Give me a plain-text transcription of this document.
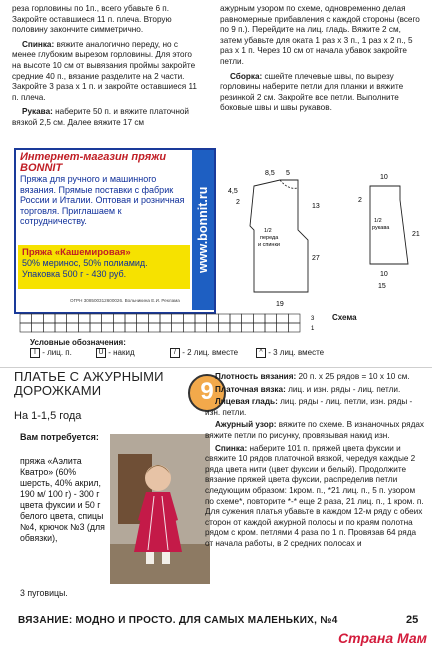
резa горловины по 1п., всего убавьте 6 п. Закройте оставшиеся 11 п. плеча. Вторую половину закончите симметрично.

Спинка: вяжите аналогично переду, но с менее глубоким вырезом горловины. Для этого на высоте 10 см от вывязания проймы закройте средние 40 п., вязание разделите на 2 части. Закройте 3 раза x 1 п. и закройте оставшиеся 11 п. плеча.

Рукава: наберите 50 п. и вяжите платочной вязкой 2,5 см. Далее вяжите 17 см

Интернет-магазин пряжи BONNIT
Пряжа для ручного и машинного вязания. Прямые поставки с фабрик России и Италии. Оптовая и розничная торговля. Приглашаем к сотрудничеству.
Пряжа «Кашемировая»
50% меринос, 50% полиамид.
Упаковка 500 г - 430 руб.
www.bonnit.ru
ОГРН 308500312600026. Вольникина Е.И. Реклама

ажурным узором по схеме, одновременно делая равномерные прибавления с каждой стороны (всего по 9 п.). Перейдите на лиц. гладь. Вяжите 2 см, затем убавьте для оката 1 раз x 3 п., 1 раз x 2 п., 5 раз x 1 п. Через 10 см от начала убавок закройте петли.

Сборка: сшейте плечевые швы, по вырезу горловины наберите петли для планки и вяжите резинкой 2 см. Закройте все петли. Выполните боковые швы и швы рукавов.

8,5 5
4,5
2
13
27
19
1/2 переда и спинки
10
10
2
21
15
1/2 рукава
Схема
3
1
Условные обозначения:
I - лиц. п.	U - накид	/ - 2 лиц. вместе	^ - 3 лиц. вместе
ПЛАТЬЕ С АЖУРНЫМИ ДОРОЖКАМИ
На 1-1,5 года
9
Вам потребуется:
пряжа «Аэлита Кватро» (60% шерсть, 40% акрил, 190 м/ 100 г) - 300 г цвета фуксии и 50 г белого цвета, спицы №4, крючок №3 (для обвязки),
3 пуговицы.

Плотность вязания: 20 п. x 25 рядов = 10 x 10 см.

Платочная вязка: лиц. и изн. ряды - лиц. петли.

Лицевая гладь: лиц. ряды - лиц. петли, изн. ряды - изн. петли.

Ажурный узор: вяжите по схеме. В изнаночных рядах вяжите петли по рисунку, провязывая накид изн.

Спинка: наберите 101 п. пряжей цвета фуксии и свяжите 10 рядов платочной вязкой, чередуя каждые 2 ряда цвета нити (цвет фуксии и белый). Продолжите вязание пряжей цвета фуксии, распределив петли следующим образом: 1кром. п., *21 лиц. п., 5 п. узором по схеме*, повторите *-* еще 2 раза, 21 лиц. п., 1 кром. п. Для сужения платья убавьте в каждом 12-м ряду с обеих сторон от каждой ажурной полосы и по краям полотна рядом с кром. петлями 4 раза по 1 п. Провязав 64 ряда от начала работы, в 2 средних полосах и

ВЯЗАНИЕ: МОДНО И ПРОСТО. ДЛЯ САМЫХ МАЛЕНЬКИХ, №4	25
Страна Мам
